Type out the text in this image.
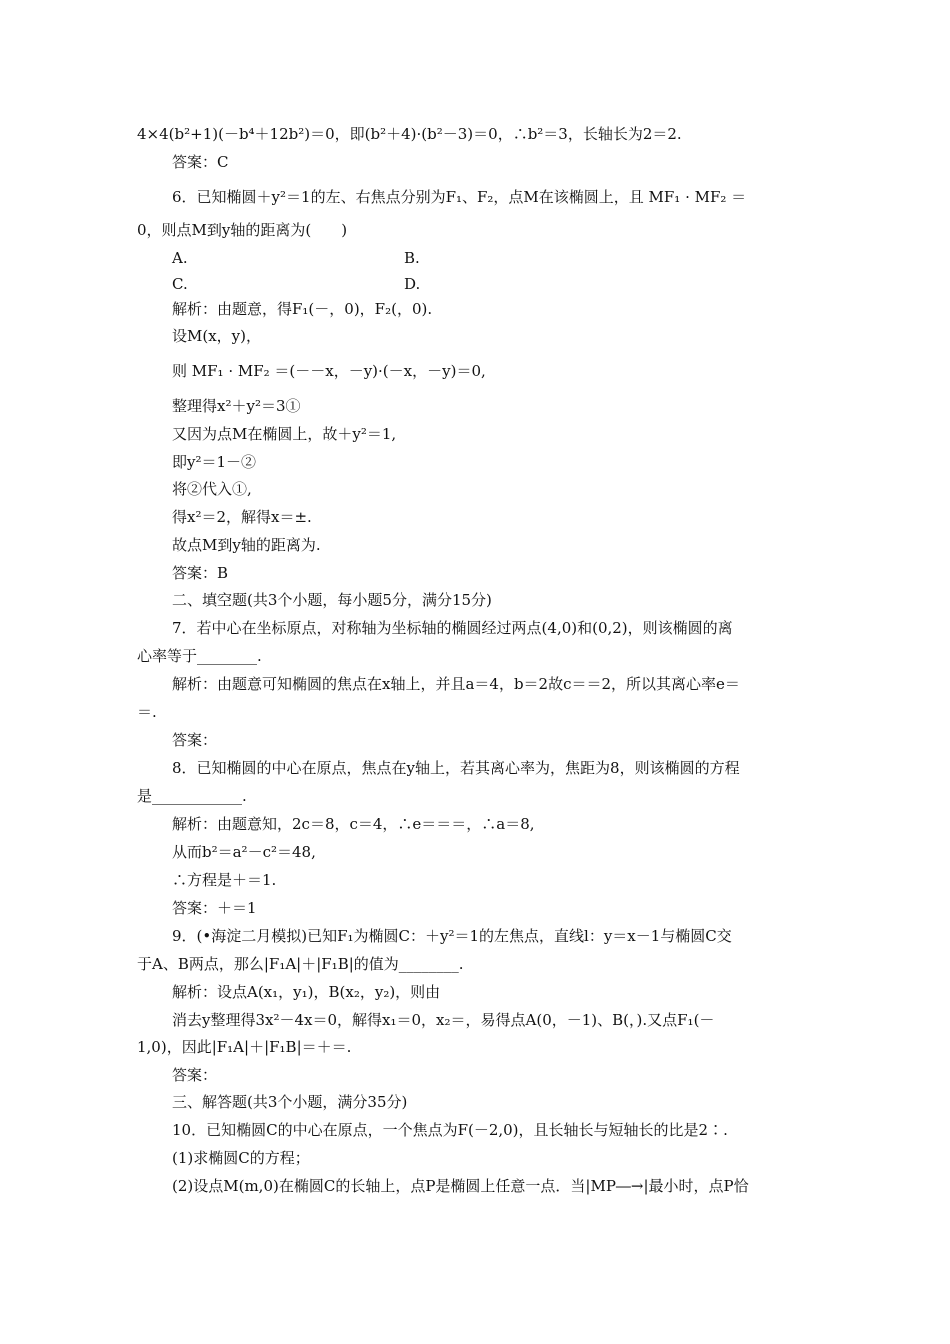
4×4(b²+1)(－b⁴＋12b²)＝0，即(b²＋4)·(b²－3)＝0，∴b²＝3，长轴长为2＝2.
答案：C
6．已知椭圆＋y²＝1的左、右焦点分别为F₁、F₂，点M在该椭圆上，且 MF₁ · MF₂ ＝
0，则点M到y轴的距离为(　　)
A.	B.
C.	D.
解析：由题意，得F₁(－，0)，F₂(，0).
设M(x，y)，
则 MF₁ · MF₂ ＝(－－x，－y)·(－x，－y)＝0,
整理得x²＋y²＝3①
又因为点M在椭圆上，故＋y²＝1,
即y²＝1－②
将②代入①,
得x²＝2，解得x＝±.
故点M到y轴的距离为.
答案：B
二、填空题(共3个小题，每小题5分，满分15分)
7．若中心在坐标原点，对称轴为坐标轴的椭圆经过两点(4,0)和(0,2)，则该椭圆的离
心率等于________.
解析：由题意可知椭圆的焦点在x轴上，并且a＝4，b＝2故c＝＝2，所以其离心率e＝
＝.
答案：
8．已知椭圆的中心在原点，焦点在y轴上，若其离心率为，焦距为8，则该椭圆的方程
是____________.
解析：由题意知，2c＝8，c＝4，∴e＝＝＝，∴a＝8,
从而b²＝a²－c²＝48,
∴方程是＋＝1.
答案：＋＝1
9．(•海淀二月模拟)已知F₁为椭圆C：＋y²＝1的左焦点，直线l：y＝x－1与椭圆C交
于A、B两点，那么|F₁A|＋|F₁B|的值为________.
解析：设点A(x₁，y₁)，B(x₂，y₂)，则由
消去y整理得3x²－4x＝0，解得x₁＝0，x₂＝，易得点A(0，－1)、B(，).又点F₁(－
1,0)，因此|F₁A|＋|F₁B|＝＋＝.
答案：
三、解答题(共3个小题，满分35分)
10．已知椭圆C的中心在原点，一个焦点为F(－2,0)，且长轴长与短轴长的比是2∶.
(1)求椭圆C的方程；
(2)设点M(m,0)在椭圆C的长轴上，点P是椭圆上任意一点．当|MP―→|最小时，点P恰
